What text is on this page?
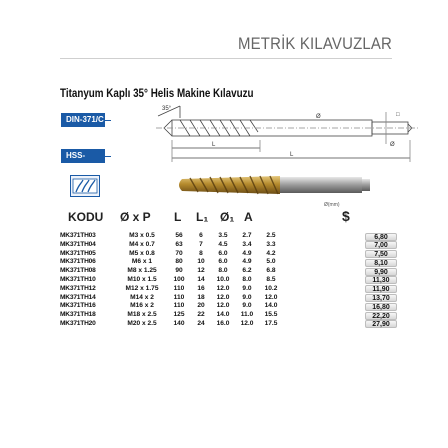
METRİK KILAVUZLAR
Titanyum Kaplı 35° Helis Makine Kılavuzu
DIN-371/C
HSS-M2AL
35°
Ø	□
L
L
Ø
KODU Ø x P L L₁ Ø₁ A	$
Ø(mm)
MK371TH03	M3 x 0.5	56	6	3.5	2.7	2.5	6,80
MK371TH04	M4 x 0.7	63	7	4.5	3.4	3.3	7,00
MK371TH05	M5 x 0.8	70	8	6.0	4.9	4.2	7,50
MK371TH06	M6 x 1	80	10	6.0	4.9	5.0	8,10
MK371TH08	M8 x 1.25	90	12	8.0	6.2	6.8	9,90
MK371TH10	M10 x 1.5	100	14	10.0	8.0	8.5	11,30
MK371TH12	M12 x 1.75	110	16	12.0	9.0	10.2	11,90
MK371TH14	M14 x 2	110	18	12.0	9.0	12.0	13,70
MK371TH16	M16 x 2	110	20	12.0	9.0	14.0	16,80
MK371TH18	M18 x 2.5	125	22	14.0	11.0	15.5	22,20
MK371TH20	M20 x 2.5	140	24	16.0	12.0	17.5	27,90
